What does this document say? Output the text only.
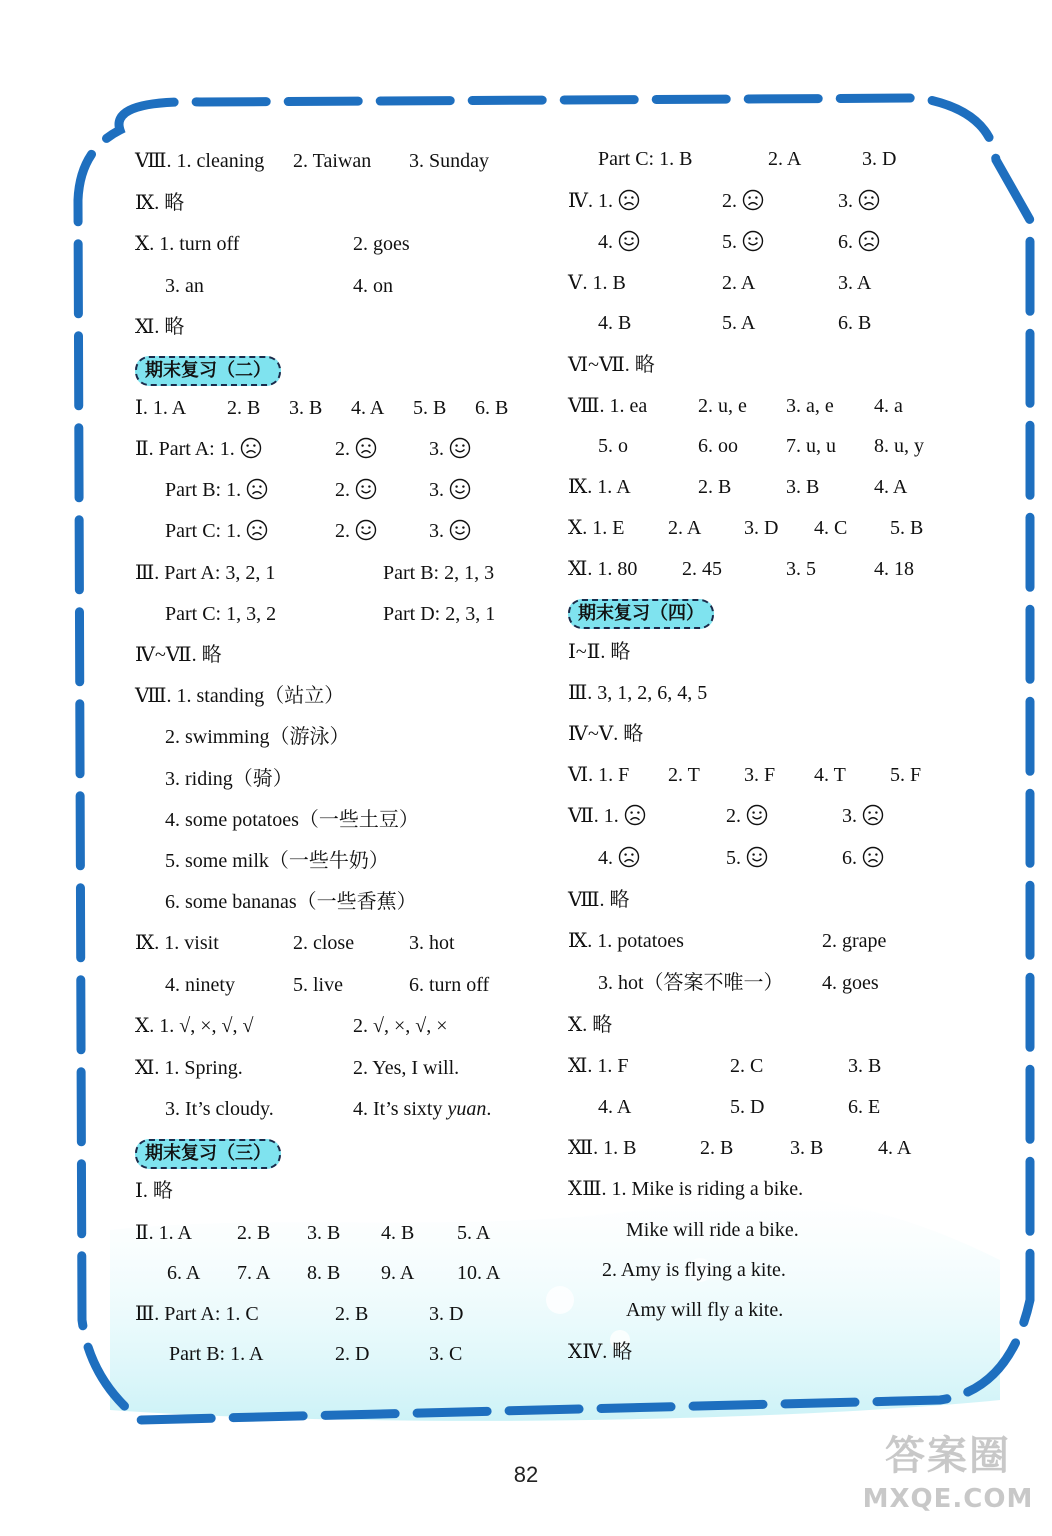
Ⅷ. 1. cleaning 2. Taiwan 3. Sunday
Ⅸ. 略
Ⅹ. 1. turn off	2. goes
3. an	4. on
Ⅺ. 略
期末复习（二）
Ⅰ. 1. A 2. B 3. B 4. A 5. B 6. B
Ⅱ. Part A: 1.	2.	3.
Part B: 1.	2.	3.
Part C: 1.	2.	3.
Ⅲ. Part A: 3, 2, 1	Part B: 2, 1, 3
Part C: 1, 3, 2	Part D: 2, 3, 1
Ⅳ~Ⅶ. 略
Ⅷ. 1. standing（站立）
2. swimming（游泳）
3. riding（骑）
4. some potatoes（一些土豆）
5. some milk（一些牛奶）
6. some bananas（一些香蕉）
Ⅸ. 1. visit	2. close	3. hot
4. ninety	5. live	6. turn off
Ⅹ. 1. √, ×, √, √	2. √, ×, √, ×
Ⅺ. 1. Spring.	2. Yes, I will.
3. It’s cloudy.	4. It’s sixty yuan.
期末复习（三）
Ⅰ. 略
Ⅱ. 1. A 2. B 3. B 4. B 5. A
6. A 7. A 8. B 9. A 10. A
Ⅲ. Part A: 1. C	2. B	3. D
Part B: 1. A	2. D	3. C
Part C: 1. B	2. A	3. D
Ⅳ. 1.	2.	3.
4.	5.	6.
Ⅴ. 1. B	2. A	3. A
4. B	5. A	6. B
Ⅵ~Ⅶ. 略
Ⅷ. 1. ea	2. u, e 3. a, e 4. a
5. o	6. oo 7. u, u 8. u, y
Ⅸ. 1. A	2. B	3. B	4. A
Ⅹ. 1. E 2. A 3. D 4. C 5. B
Ⅺ. 1. 80 2. 45	3. 5	4. 18
期末复习（四）
Ⅰ~Ⅱ. 略
Ⅲ. 3, 1, 2, 6, 4, 5
Ⅳ~Ⅴ. 略
Ⅵ. 1. F 2. T 3. F 4. T 5. F
Ⅶ. 1.	2.	3.
4.	5.	6.
Ⅷ. 略
Ⅸ. 1. potatoes	2. grape
3. hot（答案不唯一） 4. goes
Ⅹ. 略
Ⅺ. 1. F	2. C	3. B
4. A	5. D	6. E
Ⅻ. 1. B	2. B	3. B	4. A
ⅩⅢ. 1. Mike is riding a bike.
Mike will ride a bike.
2. Amy is flying a kite.
Amy will fly a kite.
ⅩⅣ. 略
82	答案圈
MXQE.COM
